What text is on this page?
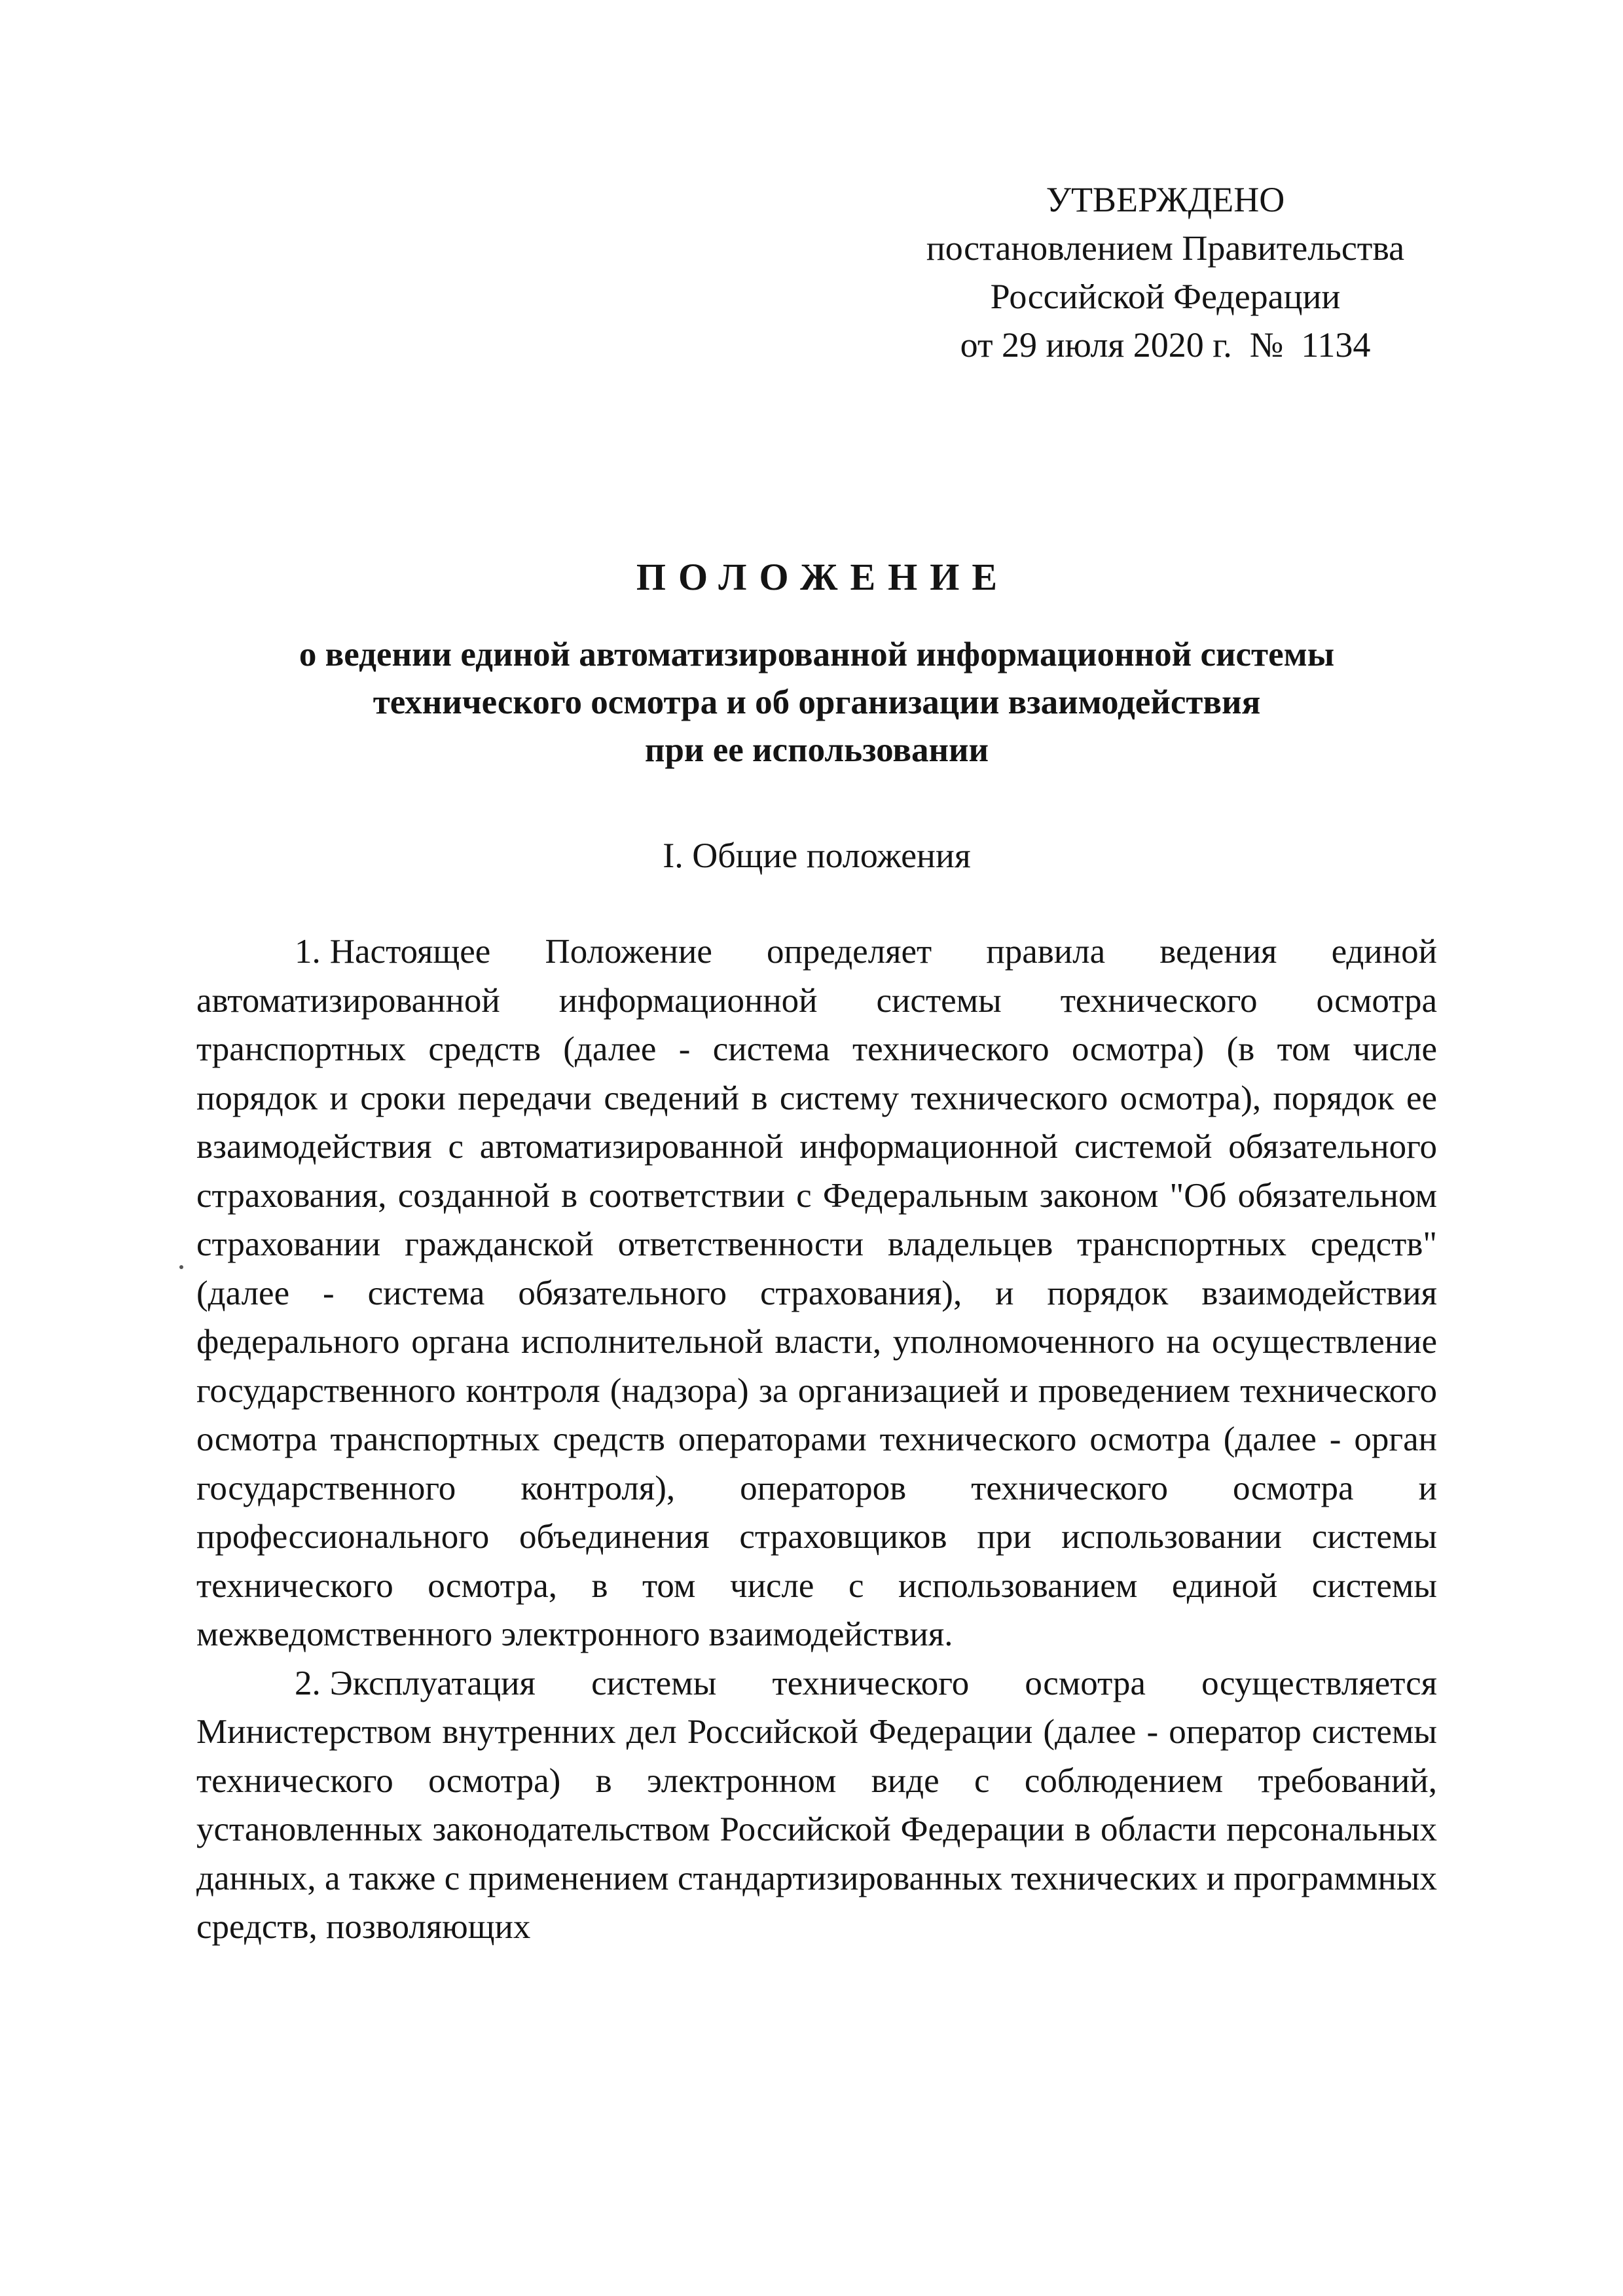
УТВЕРЖДЕНО
постановлением Правительства
Российской Федерации
от 29 июля 2020 г. № 1134
ПОЛОЖЕНИЕ
о ведении единой автоматизированной информационной системы
технического осмотра и об организации взаимодействия
при ее использовании
I. Общие положения

1. Настоящее Положение определяет правила ведения единой автоматизированной информационной системы технического осмотра транспортных средств (далее - система технического осмотра) (в том числе порядок и сроки передачи сведений в систему технического осмотра), порядок ее взаимодействия с автоматизированной информационной системой обязательного страхования, созданной в соответствии с Федеральным законом "Об обязательном страховании гражданской ответственности владельцев транспортных средств" (далее - система обязательного страхования), и порядок взаимодействия федерального органа исполнительной власти, уполномоченного на осуществление государственного контроля (надзора) за организацией и проведением технического осмотра транспортных средств операторами технического осмотра (далее - орган государственного контроля), операторов технического осмотра и профессионального объединения страховщиков при использовании системы технического осмотра, в том числе с использованием единой системы межведомственного электронного взаимодействия.

2. Эксплуатация системы технического осмотра осуществляется Министерством внутренних дел Российской Федерации (далее - оператор системы технического осмотра) в электронном виде с соблюдением требований, установленных законодательством Российской Федерации в области персональных данных, а также с применением стандартизированных технических и программных средств, позволяющих
